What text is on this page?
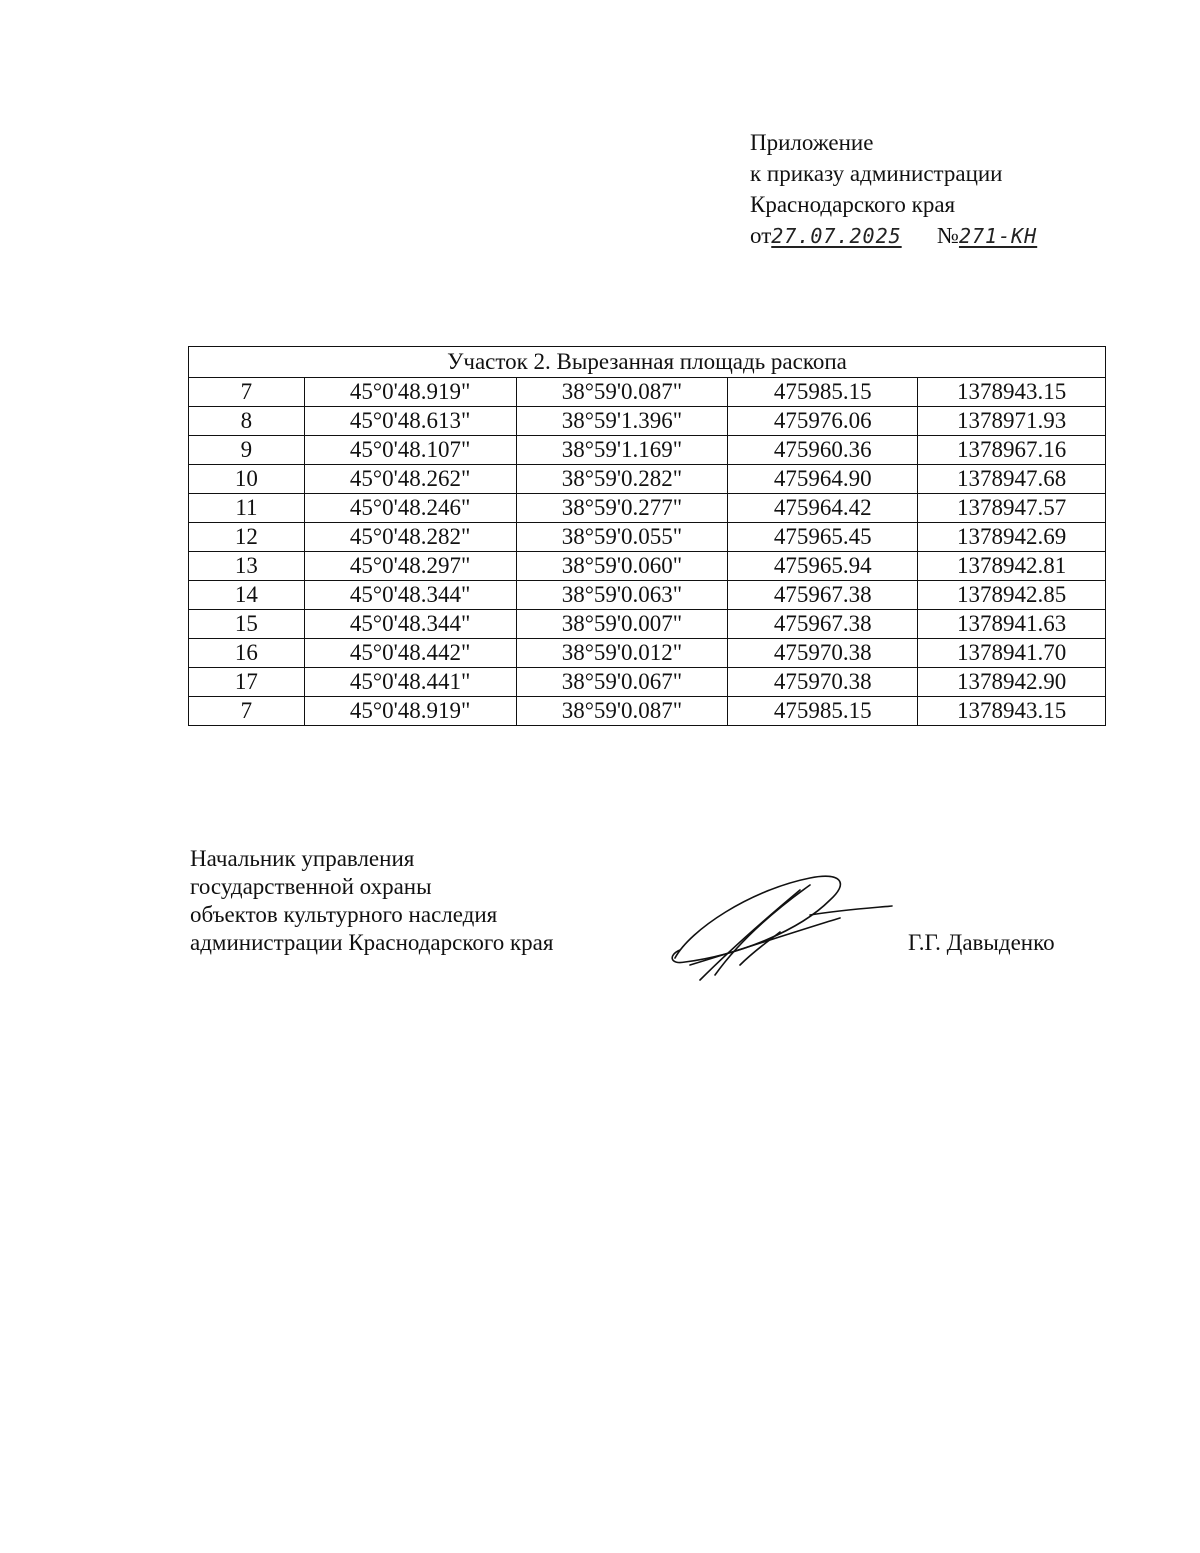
Приложение
к приказу администрации
Краснодарского края
от27.07.2025 №271-КН
Участок 2. Вырезанная площадь раскопа				
7	45°0'48.919"	38°59'0.087"	475985.15	1378943.15
8	45°0'48.613"	38°59'1.396"	475976.06	1378971.93
9	45°0'48.107"	38°59'1.169"	475960.36	1378967.16
10	45°0'48.262"	38°59'0.282"	475964.90	1378947.68
11	45°0'48.246"	38°59'0.277"	475964.42	1378947.57
12	45°0'48.282"	38°59'0.055"	475965.45	1378942.69
13	45°0'48.297"	38°59'0.060"	475965.94	1378942.81
14	45°0'48.344"	38°59'0.063"	475967.38	1378942.85
15	45°0'48.344"	38°59'0.007"	475967.38	1378941.63
16	45°0'48.442"	38°59'0.012"	475970.38	1378941.70
17	45°0'48.441"	38°59'0.067"	475970.38	1378942.90
7	45°0'48.919"	38°59'0.087"	475985.15	1378943.15
Начальник управления
государственной охраны
объектов культурного наследия
администрации Краснодарского края	Г.Г. Давыденко
